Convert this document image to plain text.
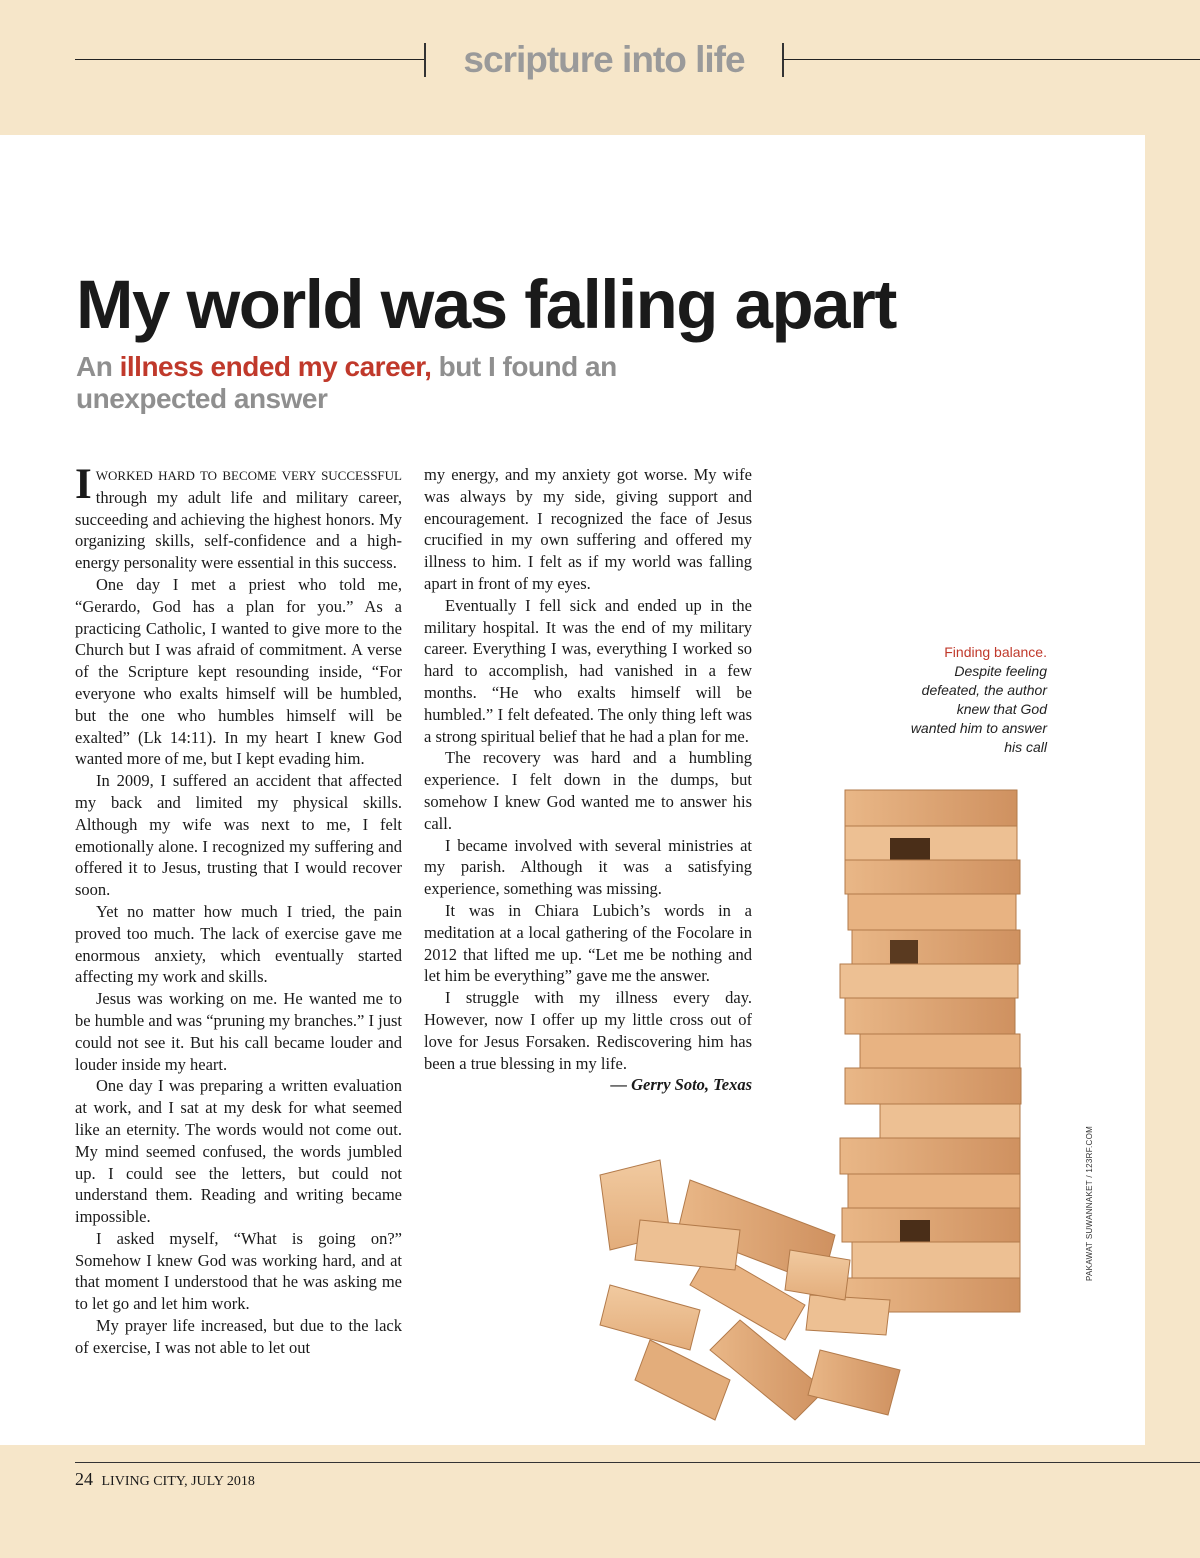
scripture into life
My world was falling apart
An illness ended my career, but I found an unexpected answer

IWORKED HARD TO BECOME VERY SUCCESSFUL through my adult life and military career, succeeding and achieving the highest honors. My organizing skills, self-confidence and a high-energy personality were essential in this success.

One day I met a priest who told me, “Gerardo, God has a plan for you.” As a practicing Catholic, I wanted to give more to the Church but I was afraid of commitment. A verse of the Scripture kept resounding inside, “For everyone who exalts himself will be humbled, but the one who humbles himself will be exalted” (Lk 14:11). In my heart I knew God wanted more of me, but I kept evading him.

In 2009, I suffered an accident that affected my back and limited my physical skills. Although my wife was next to me, I felt emotionally alone. I recognized my suffering and offered it to Jesus, trusting that I would recover soon.

Yet no matter how much I tried, the pain proved too much. The lack of exercise gave me enormous anxiety, which eventually started affecting my work and skills.

Jesus was working on me. He wanted me to be humble and was “pruning my branches.” I just could not see it. But his call became louder and louder inside my heart.

One day I was preparing a written evaluation at work, and I sat at my desk for what seemed like an eternity. The words would not come out. My mind seemed confused, the words jumbled up. I could see the letters, but could not understand them. Reading and writing became impossible.

I asked myself, “What is going on?” Somehow I knew God was working hard, and at that moment I understood that he was asking me to let go and let him work.

My prayer life increased, but due to the lack of exercise, I was not able to let out

my energy, and my anxiety got worse. My wife was always by my side, giving support and encouragement. I recognized the face of Jesus crucified in my own suffering and offered my illness to him. I felt as if my world was falling apart in front of my eyes.

Eventually I fell sick and ended up in the military hospital. It was the end of my military career. Everything I was, everything I worked so hard to accomplish, had vanished in a few months. “He who exalts himself will be humbled.” I felt defeated. The only thing left was a strong spiritual belief that he had a plan for me.

The recovery was hard and a humbling experience. I felt down in the dumps, but somehow I knew God wanted me to answer his call.

I became involved with several ministries at my parish. Although it was a satisfying experience, something was missing.

It was in Chiara Lubich’s words in a meditation at a local gathering of the Focolare in 2012 that lifted me up. “Let me be nothing and let him be everything” gave me the answer.

I struggle with my illness every day. However, now I offer up my little cross out of love for Jesus Forsaken. Rediscovering him has been a true blessing in my life.

— Gerry Soto, Texas

Finding balance.
Despite feeling defeated, the author knew that God wanted him to answer his call
PAKAWAT SUWANNAKET / 123RF.COM
24 LIVING CITY, JULY 2018
